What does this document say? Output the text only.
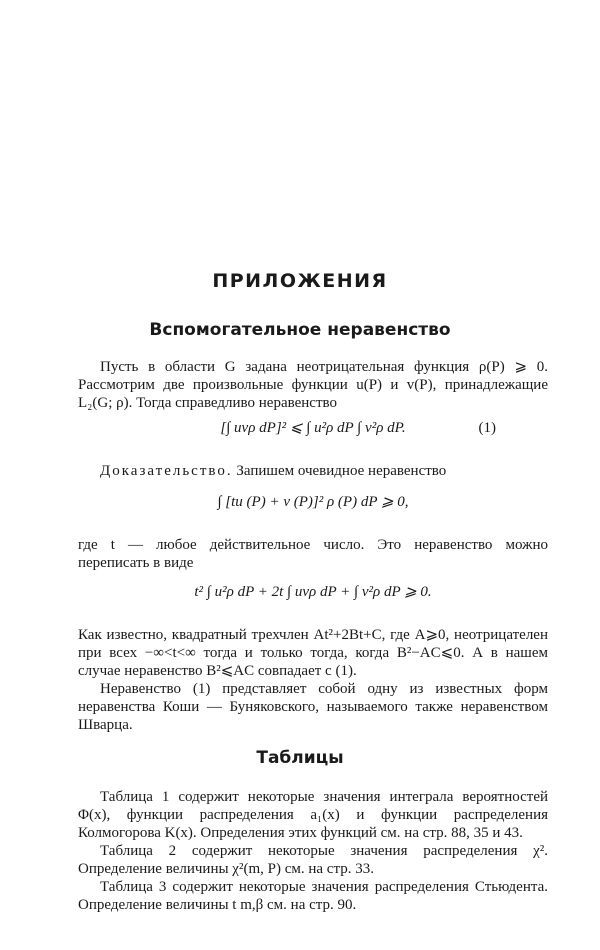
ПРИЛОЖЕНИЯ
Вспомогательное неравенство

Пусть в области G задана неотрицательная функция ρ(P) ⩾ 0. Рассмотрим две произвольные функции u(P) и v(P), принадлежащие L₂(G; ρ). Тогда справедливо неравенство

[∫ uvρ dP]² ⩽ ∫ u²ρ dP ∫ v²ρ dP.	(1)

Доказательство. Запишем очевидное неравенство

∫ [tu (P) + v (P)]² ρ (P) dP ⩾ 0,

где t — любое действительное число. Это неравенство можно переписать в виде

t² ∫ u²ρ dP + 2t ∫ uvρ dP + ∫ v²ρ dP ⩾ 0.

Как известно, квадратный трехчлен At²+2Bt+C, где A⩾0, неотрицателен при всех −∞<t<∞ тогда и только тогда, когда B²−AC⩽0. А в нашем случае неравенство B²⩽AC совпадает с (1).

Неравенство (1) представляет собой одну из известных форм неравенства Коши — Буняковского, называемого также неравенством Шварца.

Таблицы

Таблица 1 содержит некоторые значения интеграла вероятностей Φ(x), функции распределения a₁(x) и функции распределения Колмогорова K(x). Определения этих функций см. на стр. 88, 35 и 43.

Таблица 2 содержит некоторые значения распределения χ². Определение величины χ²(m, P) см. на стр. 33.

Таблица 3 содержит некоторые значения распределения Стьюдента. Определение величины t m,β см. на стр. 90.
